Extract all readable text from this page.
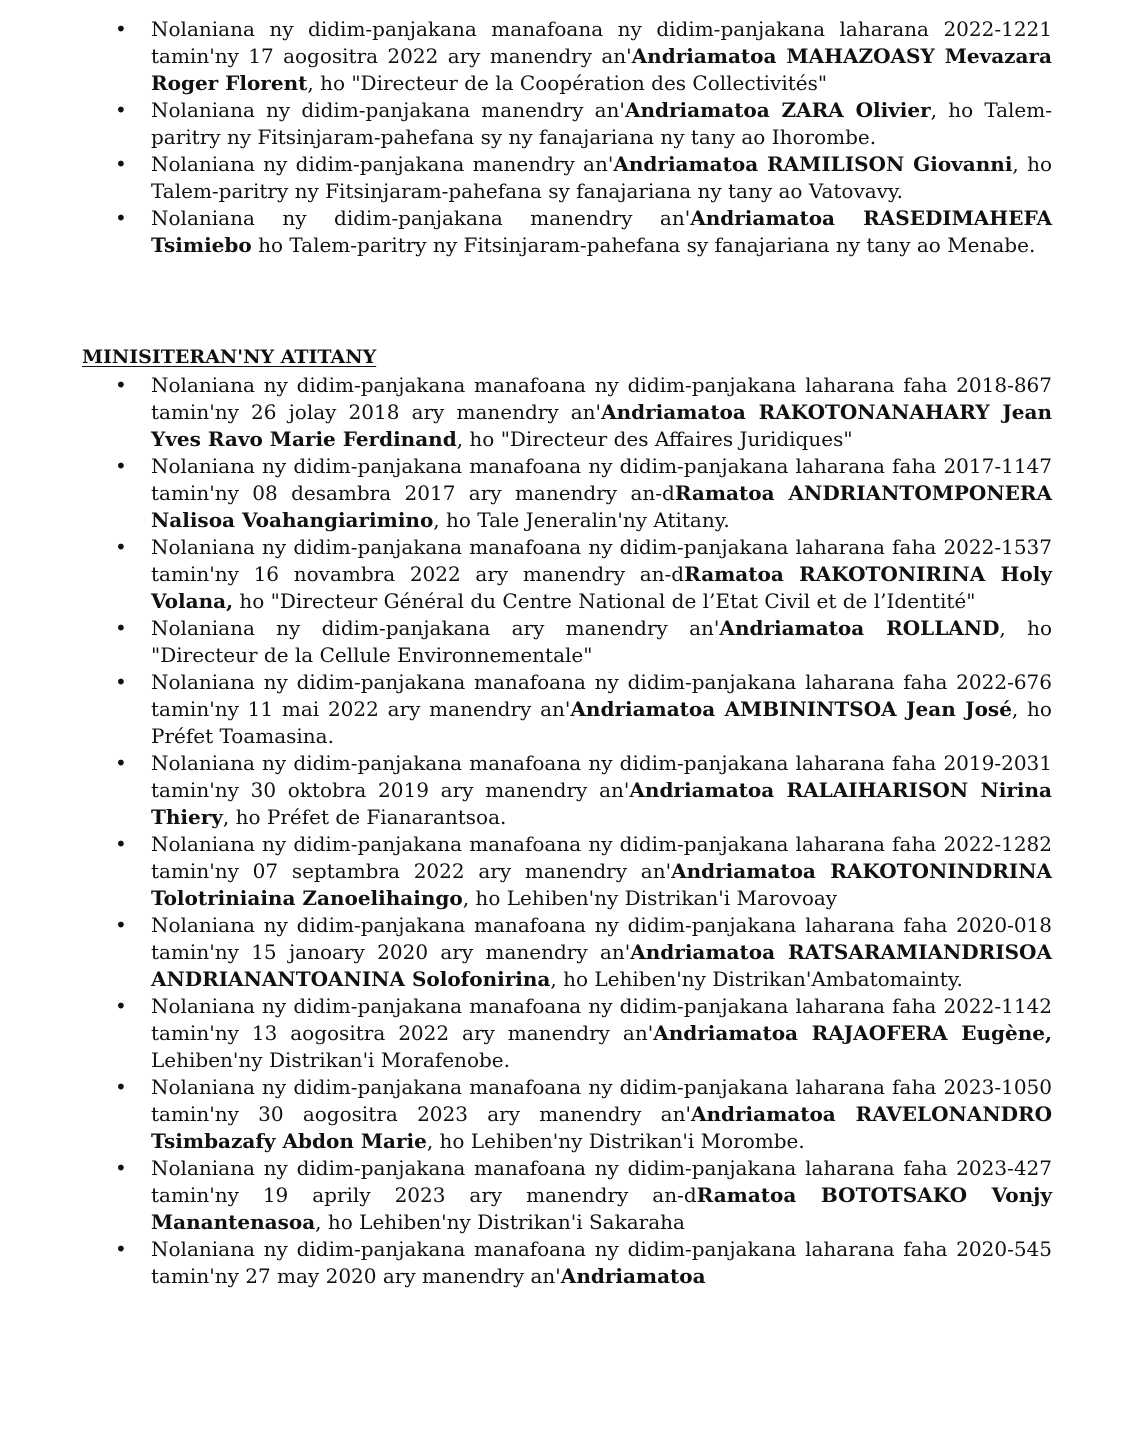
• Nolaniana ny didim-panjakana manafoana ny didim-panjakana laharana 2022-1221 tamin'ny 17 aogositra 2022 ary manendry an'Andriamatoa MAHAZOASY Mevazara Roger Florent, ho "Directeur de la Coopération des Collectivités"
• Nolaniana ny didim-panjakana manendry an'Andriamatoa ZARA Olivier, ho Talem-paritry ny Fitsinjaram-pahefana sy ny fanajariana ny tany ao Ihorombe.
• Nolaniana ny didim-panjakana manendry an'Andriamatoa RAMILISON Giovanni, ho Talem-paritry ny Fitsinjaram-pahefana sy fanajariana ny tany ao Vatovavy.
• Nolaniana ny didim-panjakana manendry an'Andriamatoa RASEDIMAHEFA Tsimiebo ho Talem-paritry ny Fitsinjaram-pahefana sy fanajariana ny tany ao Menabe.
MINISITERAN'NY ATITANY
• Nolaniana ny didim-panjakana manafoana ny didim-panjakana laharana faha 2018-867 tamin'ny 26 jolay 2018 ary manendry an'Andriamatoa RAKOTONANAHARY Jean Yves Ravo Marie Ferdinand, ho "Directeur des Affaires Juridiques"
• Nolaniana ny didim-panjakana manafoana ny didim-panjakana laharana faha 2017-1147 tamin'ny 08 desambra 2017 ary manendry an-dRamatoa ANDRIANTOMPONERA Nalisoa Voahangiarimino, ho Tale Jeneralin'ny Atitany.
• Nolaniana ny didim-panjakana manafoana ny didim-panjakana laharana faha 2022-1537 tamin'ny 16 novambra 2022 ary manendry an-dRamatoa RAKOTONIRINA Holy Volana, ho "Directeur Général du Centre National de l’Etat Civil et de l’Identité"
• Nolaniana ny didim-panjakana ary manendry an'Andriamatoa ROLLAND, ho "Directeur de la Cellule Environnementale"
• Nolaniana ny didim-panjakana manafoana ny didim-panjakana laharana faha 2022-676 tamin'ny 11 mai 2022 ary manendry an'Andriamatoa AMBININTSOA Jean José, ho Préfet Toamasina.
• Nolaniana ny didim-panjakana manafoana ny didim-panjakana laharana faha 2019-2031 tamin'ny 30 oktobra 2019 ary manendry an'Andriamatoa RALAIHARISON Nirina Thiery, ho Préfet de Fianarantsoa.
• Nolaniana ny didim-panjakana manafoana ny didim-panjakana laharana faha 2022-1282 tamin'ny 07 septambra 2022 ary manendry an'Andriamatoa RAKOTONINDRINA Tolotriniaina Zanoelihaingo, ho Lehiben'ny Distrikan'i Marovoay
• Nolaniana ny didim-panjakana manafoana ny didim-panjakana laharana faha 2020-018 tamin'ny 15 janoary 2020 ary manendry an'Andriamatoa RATSARAMIANDRISOA ANDRIANANTOANINA Solofonirina, ho Lehiben'ny Distrikan'Ambatomainty.
• Nolaniana ny didim-panjakana manafoana ny didim-panjakana laharana faha 2022-1142 tamin'ny 13 aogositra 2022 ary manendry an'Andriamatoa RAJAOFERA Eugène, Lehiben'ny Distrikan'i Morafenobe.
• Nolaniana ny didim-panjakana manafoana ny didim-panjakana laharana faha 2023-1050 tamin'ny 30 aogositra 2023 ary manendry an'Andriamatoa RAVELONANDRO Tsimbazafy Abdon Marie, ho Lehiben'ny Distrikan'i Morombe.
• Nolaniana ny didim-panjakana manafoana ny didim-panjakana laharana faha 2023-427 tamin'ny 19 aprily 2023 ary manendry an-dRamatoa BOTOTSAKO Vonjy Manantenasoa, ho Lehiben'ny Distrikan'i Sakaraha
• Nolaniana ny didim-panjakana manafoana ny didim-panjakana laharana faha 2020-545 tamin'ny 27 may 2020 ary manendry an'Andriamatoa
